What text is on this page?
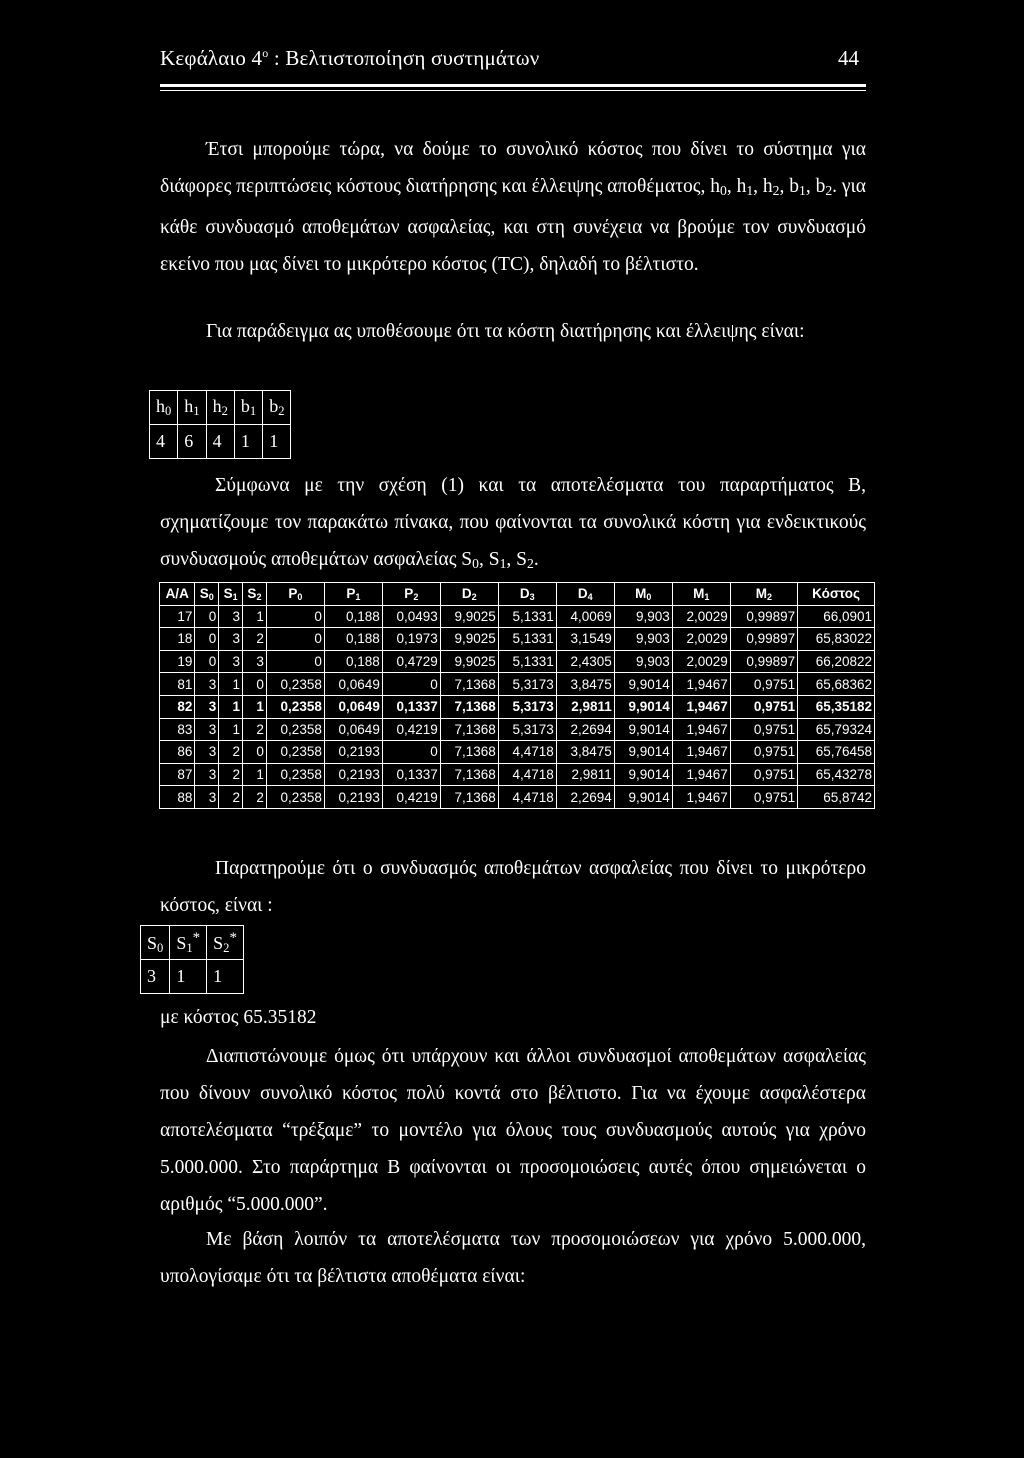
Κεφάλαιο $4^o$ : Βελτιστοποίηση συστημάτων	44
Έτσι μπορούμε τώρα, να δούμε το συνολικό κόστος που δίνει το σύστημα για διάφορες περιπτώσεις κόστους διατήρησης και έλλειψης αποθέματος, $h_0$, $h_1$, $h_2$, $b_1$, $b_2$. για κάθε συνδυασμό αποθεμάτων ασφαλείας, και στη συνέχεια να βρούμε τον συνδυασμό εκείνο που μας δίνει το μικρότερο κόστος (TC), δηλαδή το βέλτιστο.
Για παράδειγμα ας υποθέσουμε ότι τα κόστη διατήρησης και έλλειψης είναι:
$h_0$	$h_1$	$h_2$	$b_1$	$b_2$
4	6	4	1	1
Σύμφωνα με την σχέση (1) και τα αποτελέσματα του παραρτήματος Β, σχηματίζουμε τον παρακάτω πίνακα, που φαίνονται τα συνολικά κόστη για ενδεικτικούς συνδυασμούς αποθεμάτων ασφαλείας $S_0$, $S_1$, $S_2$.
Α/Α	$S_0$	$S_1$	$S_2$	$P_0$	$P_1$	$P_2$	$D_2$	$D_3$	$D_4$	$M_0$	$M_1$	$M_2$	Κόστος
17	0	3	1	0	0,188	0,0493	9,9025	5,1331	4,0069	9,903	2,0029	0,99897	66,0901
18	0	3	2	0	0,188	0,1973	9,9025	5,1331	3,1549	9,903	2,0029	0,99897	65,83022
19	0	3	3	0	0,188	0,4729	9,9025	5,1331	2,4305	9,903	2,0029	0,99897	66,20822
81	3	1	0	0,2358	0,0649	0	7,1368	5,3173	3,8475	9,9014	1,9467	0,9751	65,68362
82	3	1	1	0,2358	0,0649	0,1337	7,1368	5,3173	2,9811	9,9014	1,9467	0,9751	65,35182
83	3	1	2	0,2358	0,0649	0,4219	7,1368	5,3173	2,2694	9,9014	1,9467	0,9751	65,79324
86	3	2	0	0,2358	0,2193	0	7,1368	4,4718	3,8475	9,9014	1,9467	0,9751	65,76458
87	3	2	1	0,2358	0,2193	0,1337	7,1368	4,4718	2,9811	9,9014	1,9467	0,9751	65,43278
88	3	2	2	0,2358	0,2193	0,4219	7,1368	4,4718	2,2694	9,9014	1,9467	0,9751	65,8742
Παρατηρούμε ότι ο συνδυασμός αποθεμάτων ασφαλείας που δίνει το μικρότερο κόστος, είναι :
$S_0$	$S_1^*$	$S_2^*$
3	1	1
με κόστος 65.35182
Διαπιστώνουμε όμως ότι υπάρχουν και άλλοι συνδυασμοί αποθεμάτων ασφαλείας που δίνουν συνολικό κόστος πολύ κοντά στο βέλτιστο. Για να έχουμε ασφαλέστερα αποτελέσματα “τρέξαμε” το μοντέλο για όλους τους συνδυασμούς αυτούς για χρόνο 5.000.000. Στο παράρτημα Β φαίνονται οι προσομοιώσεις αυτές όπου σημειώνεται ο αριθμός “5.000.000”.
Με βάση λοιπόν τα αποτελέσματα των προσομοιώσεων για χρόνο 5.000.000, υπολογίσαμε ότι τα βέλτιστα αποθέματα είναι:
